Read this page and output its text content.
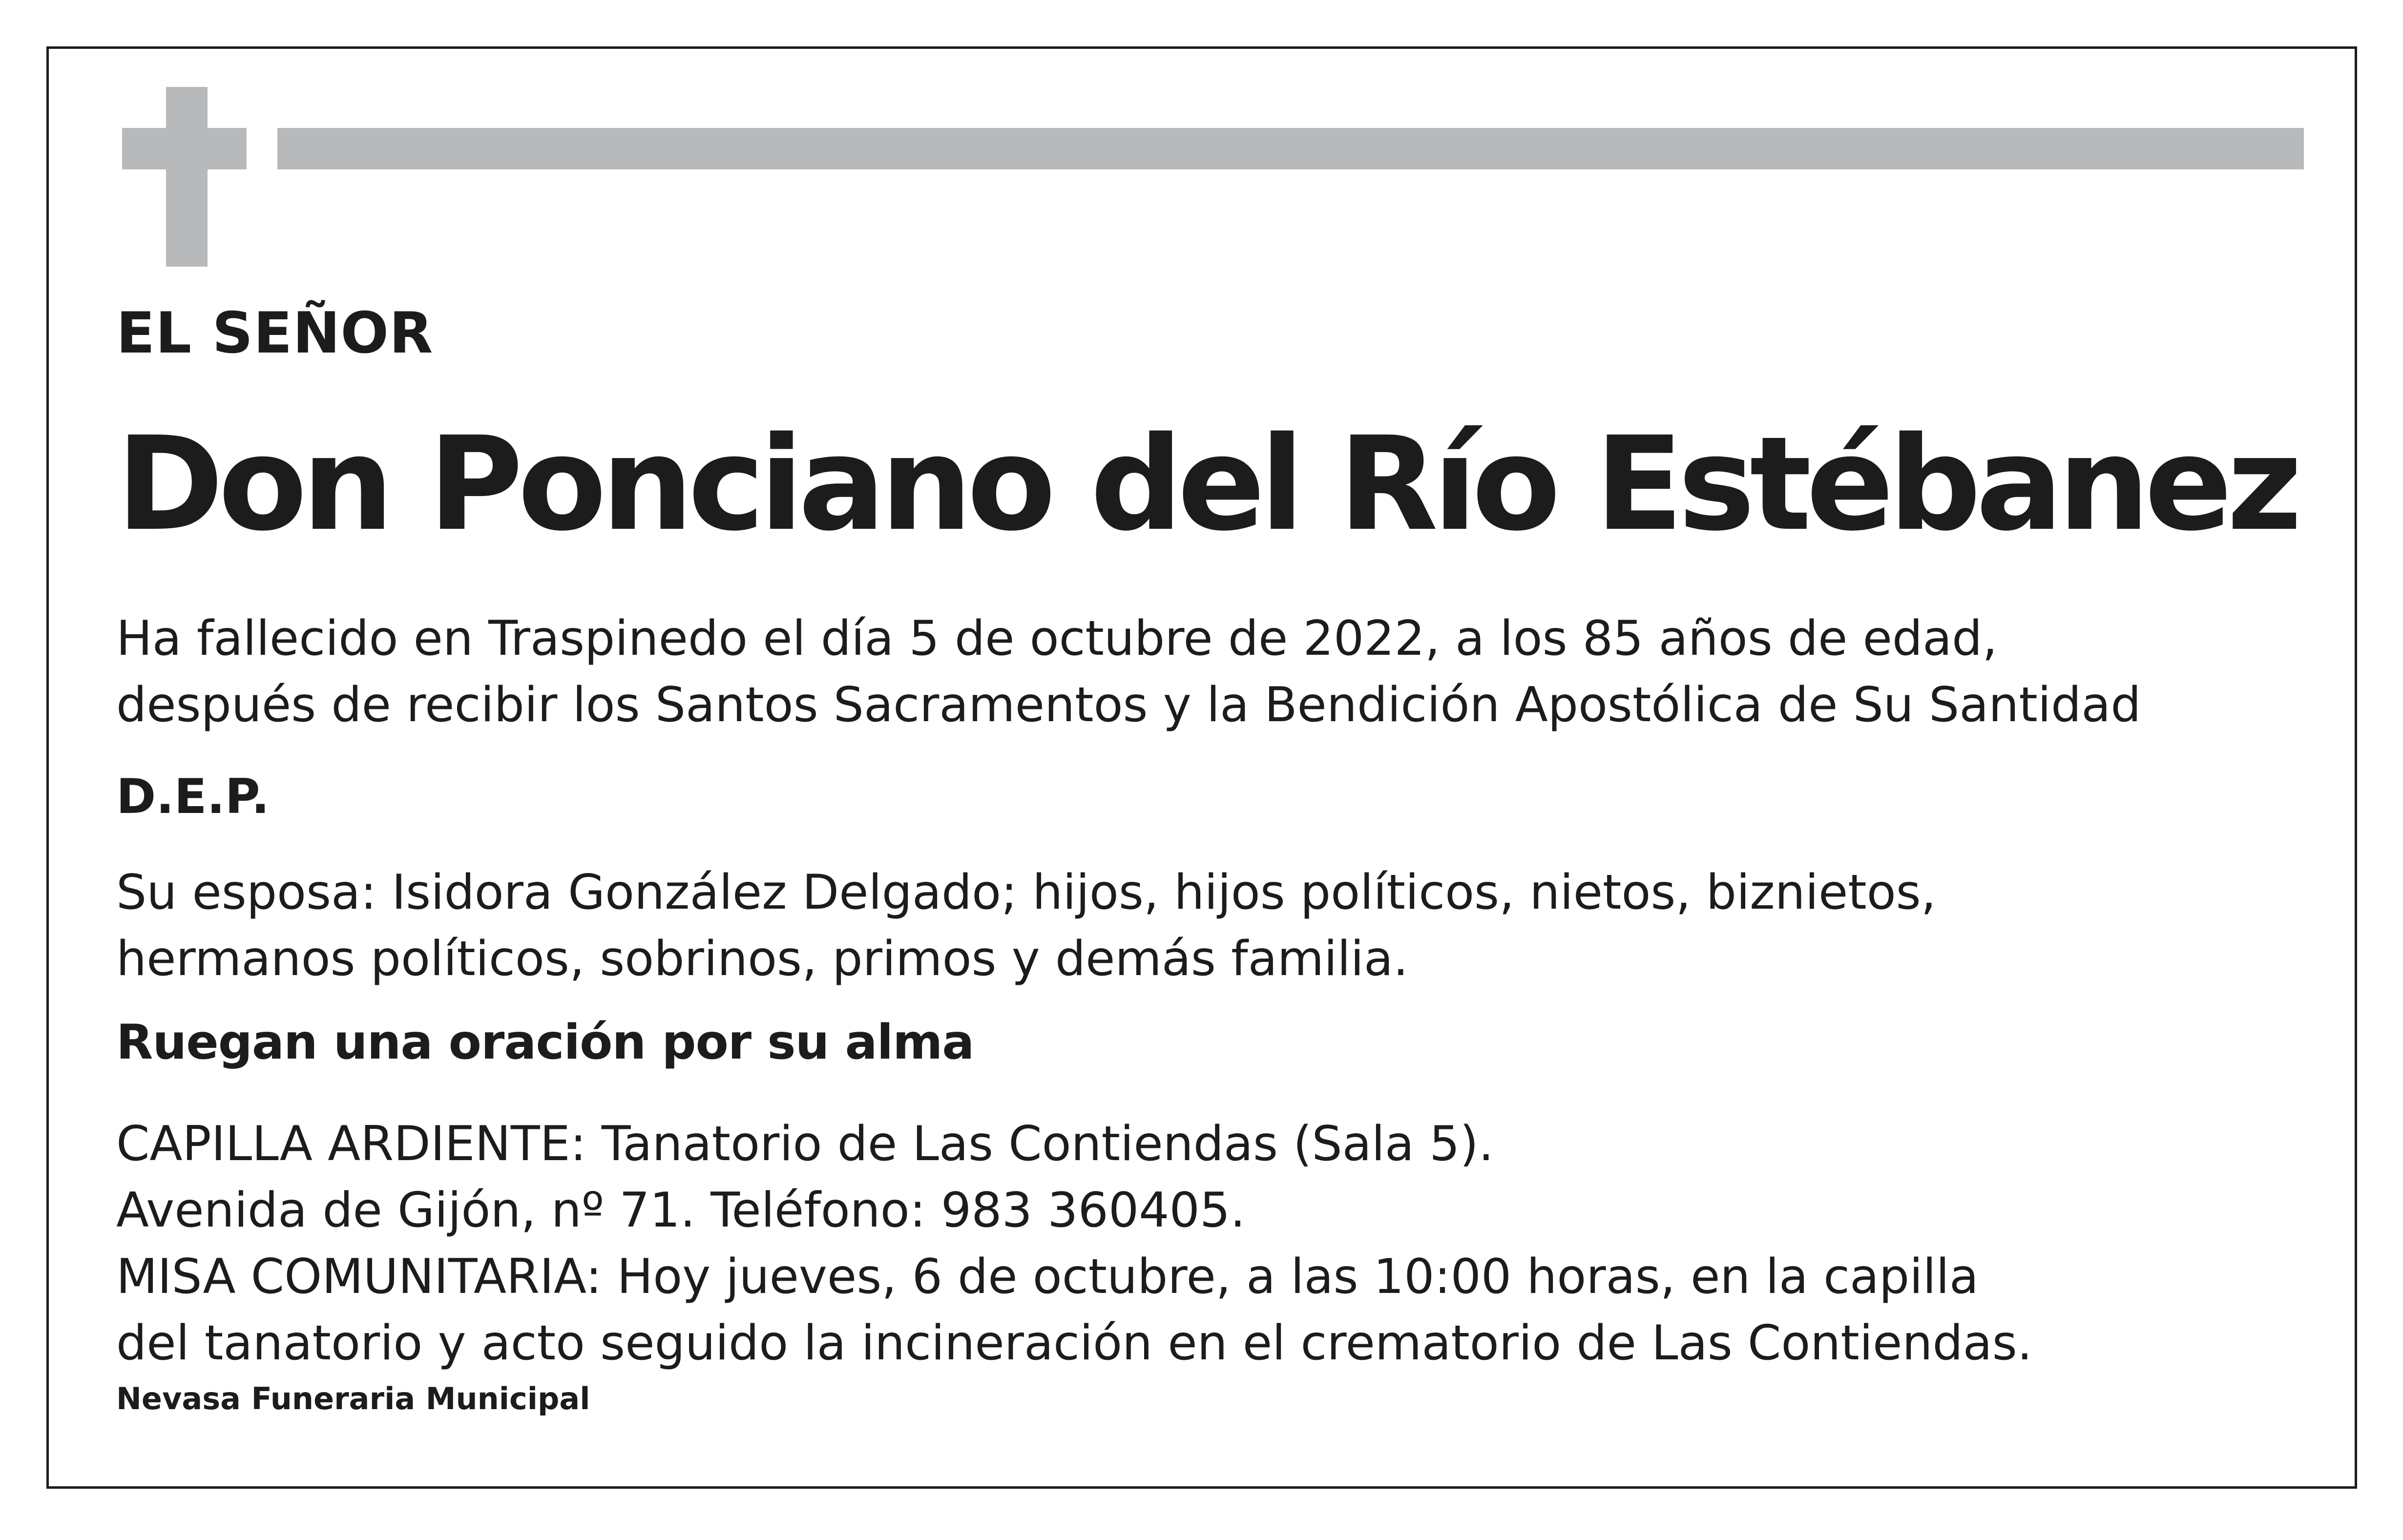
EL SEÑOR
Don Ponciano del Río Estébanez
Ha fallecido en Traspinedo el día 5 de octubre de 2022, a los 85 años de edad,
después de recibir los Santos Sacramentos y la Bendición Apostólica de Su Santidad
D.E.P.
Su esposa: Isidora González Delgado; hijos, hijos políticos, nietos, biznietos,
hermanos políticos, sobrinos, primos y demás familia.
Ruegan una oración por su alma
CAPILLA ARDIENTE: Tanatorio de Las Contiendas (Sala 5).
Avenida de Gijón, nº 71. Teléfono: 983 360405.
MISA COMUNITARIA: Hoy jueves, 6 de octubre, a las 10:00 horas, en la capilla
del tanatorio y acto seguido la incineración en el crematorio de Las Contiendas.
Nevasa Funeraria Municipal
